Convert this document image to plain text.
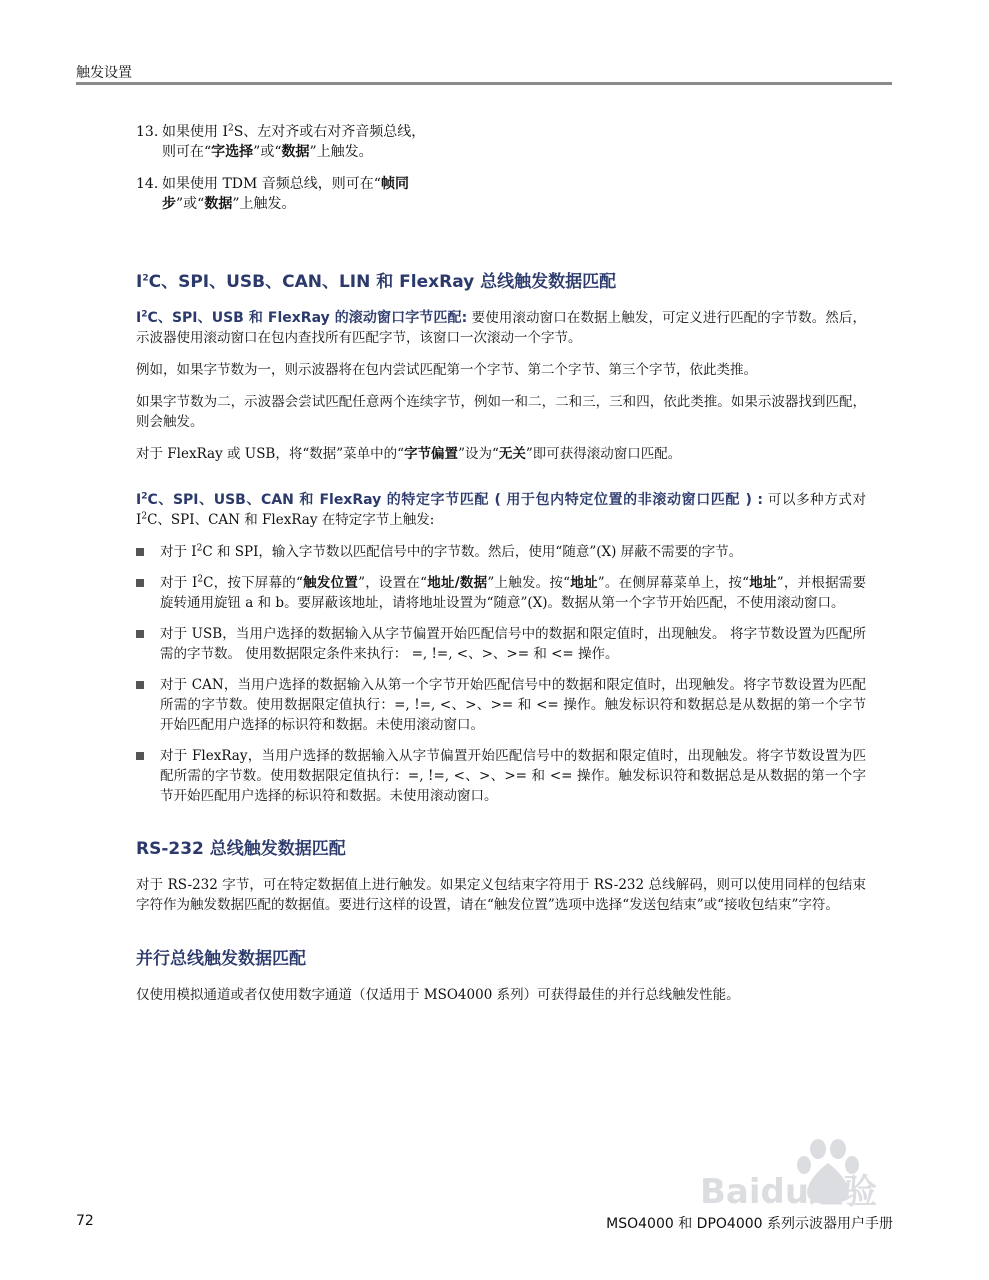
触发设置
13. 如果使用 $I^2S$、左对齐或右对齐音频总线，则可在“字选择”或“数据”上触发。
14. 如果使用 TDM 音频总线，则可在“帧同步”或“数据”上触发。
$I^2C$、SPI、USB、CAN、LIN 和 FlexRay 总线触发数据匹配

$I^2C$、SPI、USB 和 FlexRay 的滚动窗口字节匹配: 要使用滚动窗口在数据上触发，可定义进行匹配的字节数。然后，示波器使用滚动窗口在包内查找所有匹配字节，该窗口一次滚动一个字节。

例如，如果字节数为一，则示波器将在包内尝试匹配第一个字节、第二个字节、第三个字节，依此类推。

如果字节数为二，示波器会尝试匹配任意两个连续字节，例如一和二，二和三，三和四，依此类推。如果示波器找到匹配，则会触发。

对于 FlexRay 或 USB，将“数据”菜单中的“字节偏置”设为“无关”即可获得滚动窗口匹配。

$I^2C$、SPI、USB、CAN 和 FlexRay 的特定字节匹配 ( 用于包内特定位置的非滚动窗口匹配 ) : 可以多种方式对 $I^2C$、SPI、CAN 和 FlexRay 在特定字节上触发:

对于 $I^2C$ 和 SPI，输入字节数以匹配信号中的字节数。然后，使用“随意”(X) 屏蔽不需要的字节。
对于 $I^2C$，按下屏幕的“触发位置”，设置在“地址/数据”上触发。按“地址”。在侧屏幕菜单上，按“地址”，并根据需要旋转通用旋钮 a 和 b。要屏蔽该地址，请将地址设置为“随意”(X)。数据从第一个字节开始匹配，不使用滚动窗口。
对于 USB，当用户选择的数据输入从字节偏置开始匹配信号中的数据和限定值时，出现触发。 将字节数设置为匹配所需的字节数。 使用数据限定条件来执行： =, !=, <、>、>= 和 <= 操作。
对于 CAN，当用户选择的数据输入从第一个字节开始匹配信号中的数据和限定值时，出现触发。将字节数设置为匹配所需的字节数。使用数据限定值执行：=, !=, <、>、>= 和 <= 操作。触发标识符和数据总是从数据的第一个字节开始匹配用户选择的标识符和数据。未使用滚动窗口。
对于 FlexRay，当用户选择的数据输入从字节偏置开始匹配信号中的数据和限定值时，出现触发。将字节数设置为匹配所需的字节数。使用数据限定值执行：=, !=, <、>、>= 和 <= 操作。触发标识符和数据总是从数据的第一个字节开始匹配用户选择的标识符和数据。未使用滚动窗口。
RS-232 总线触发数据匹配

对于 RS-232 字节，可在特定数据值上进行触发。如果定义包结束字符用于 RS-232 总线解码，则可以使用同样的包结束字符作为触发数据匹配的数据值。要进行这样的设置，请在“触发位置”选项中选择“发送包结束”或“接收包结束”字符。

并行总线触发数据匹配

仅使用模拟通道或者仅使用数字通道（仅适用于 MSO4000 系列）可获得最佳的并行总线触发性能。

Baidu经验
72	MSO4000 和 DPO4000 系列示波器用户手册
